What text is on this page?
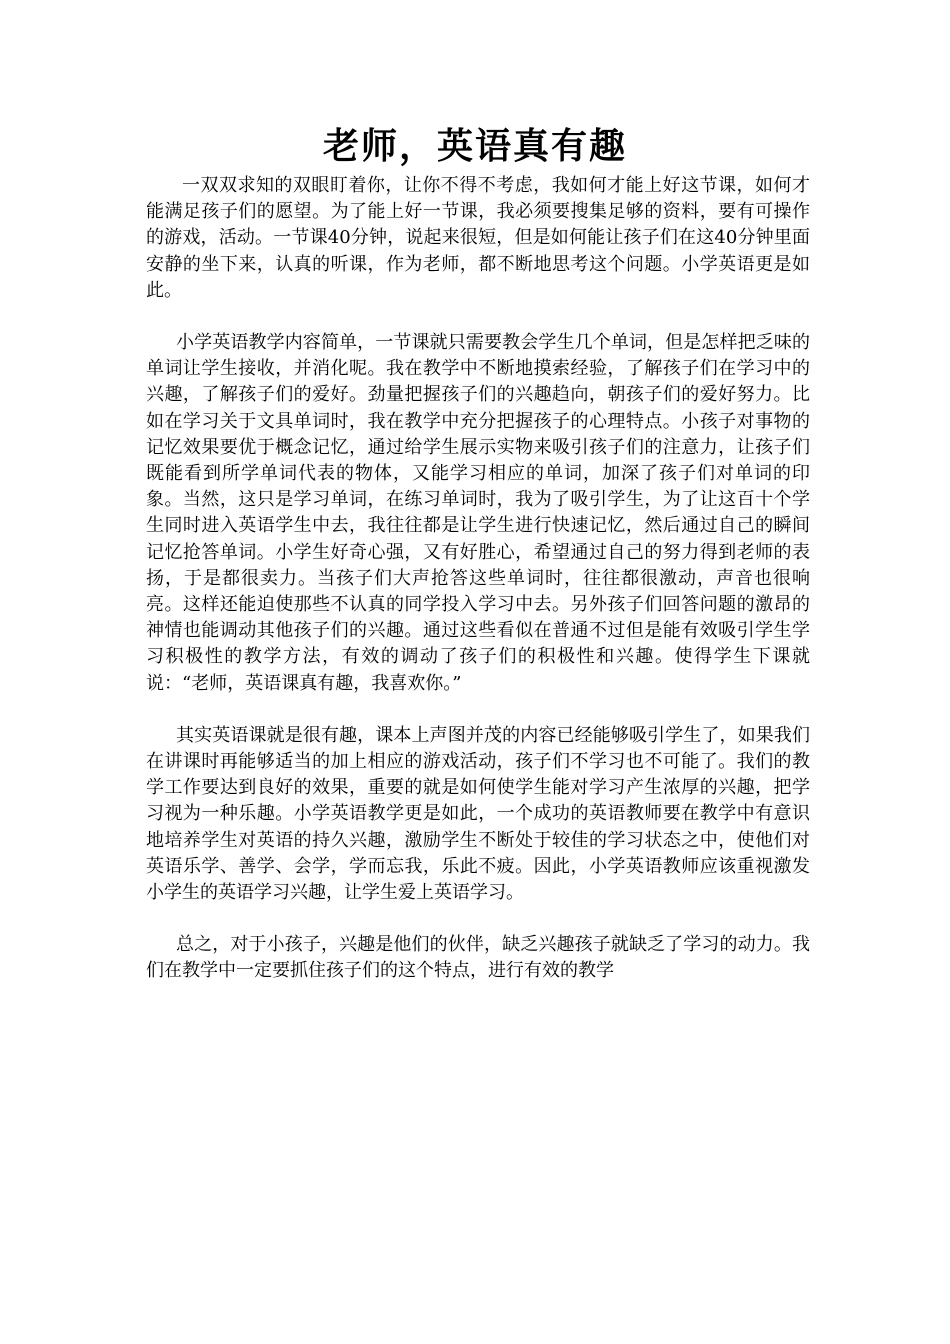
老师，英语真有趣

一双双求知的双眼盯着你，让你不得不考虑，我如何才能上好这节课，如何才能满足孩子们的愿望。为了能上好一节课，我必须要搜集足够的资料，要有可操作的游戏，活动。一节课40分钟，说起来很短，但是如何能让孩子们在这40分钟里面安静的坐下来，认真的听课，作为老师，都不断地思考这个问题。小学英语更是如此。

小学英语教学内容简单，一节课就只需要教会学生几个单词，但是怎样把乏味的单词让学生接收，并消化呢。我在教学中不断地摸索经验，了解孩子们在学习中的兴趣，了解孩子们的爱好。劲量把握孩子们的兴趣趋向，朝孩子们的爱好努力。比如在学习关于文具单词时，我在教学中充分把握孩子的心理特点。小孩子对事物的记忆效果要优于概念记忆，通过给学生展示实物来吸引孩子们的注意力，让孩子们既能看到所学单词代表的物体，又能学习相应的单词，加深了孩子们对单词的印象。当然，这只是学习单词，在练习单词时，我为了吸引学生，为了让这百十个学生同时进入英语学生中去，我往往都是让学生进行快速记忆，然后通过自己的瞬间记忆抢答单词。小学生好奇心强，又有好胜心，希望通过自己的努力得到老师的表扬，于是都很卖力。当孩子们大声抢答这些单词时，往往都很激动，声音也很响亮。这样还能迫使那些不认真的同学投入学习中去。另外孩子们回答问题的激昂的神情也能调动其他孩子们的兴趣。通过这些看似在普通不过但是能有效吸引学生学习积极性的教学方法，有效的调动了孩子们的积极性和兴趣。使得学生下课就说：“老师，英语课真有趣，我喜欢你。”

其实英语课就是很有趣，课本上声图并茂的内容已经能够吸引学生了，如果我们在讲课时再能够适当的加上相应的游戏活动，孩子们不学习也不可能了。我们的教学工作要达到良好的效果，重要的就是如何使学生能对学习产生浓厚的兴趣，把学习视为一种乐趣。小学英语教学更是如此，一个成功的英语教师要在教学中有意识地培养学生对英语的持久兴趣，激励学生不断处于较佳的学习状态之中，使他们对英语乐学、善学、会学，学而忘我，乐此不疲。因此，小学英语教师应该重视激发小学生的英语学习兴趣，让学生爱上英语学习。

总之，对于小孩子，兴趣是他们的伙伴，缺乏兴趣孩子就缺乏了学习的动力。我们在教学中一定要抓住孩子们的这个特点，进行有效的教学
